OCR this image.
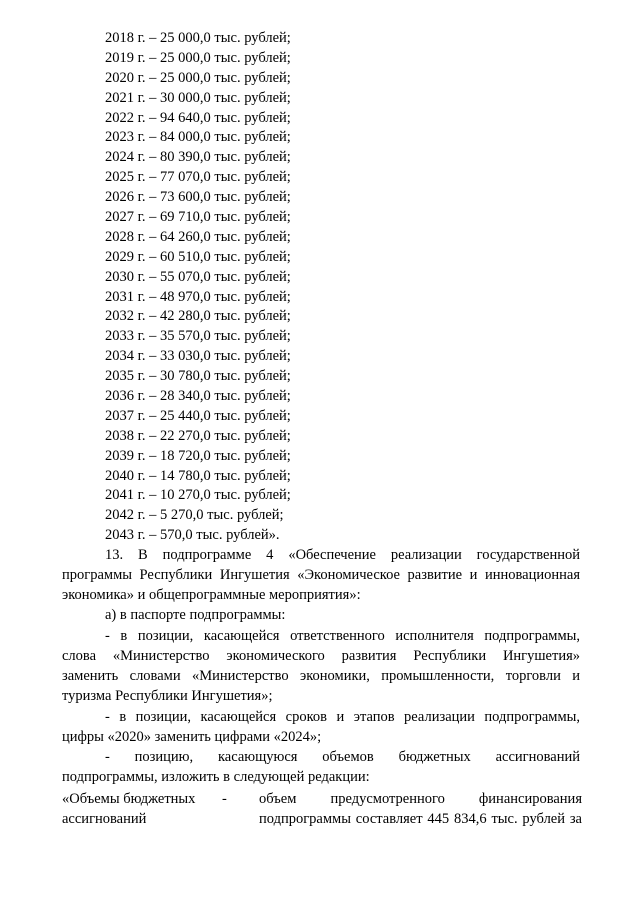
2018 г. – 25 000,0 тыс. рублей;
2019 г. – 25 000,0 тыс. рублей;
2020 г. – 25 000,0 тыс. рублей;
2021 г. – 30 000,0 тыс. рублей;
2022 г. – 94 640,0 тыс. рублей;
2023 г. – 84 000,0 тыс. рублей;
2024 г. – 80 390,0 тыс. рублей;
2025 г. – 77 070,0 тыс. рублей;
2026 г. – 73 600,0 тыс. рублей;
2027 г. – 69 710,0 тыс. рублей;
2028 г. – 64 260,0 тыс. рублей;
2029 г. – 60 510,0 тыс. рублей;
2030 г. – 55 070,0 тыс. рублей;
2031 г. – 48 970,0 тыс. рублей;
2032 г. – 42 280,0 тыс. рублей;
2033 г. – 35 570,0 тыс. рублей;
2034 г. – 33 030,0 тыс. рублей;
2035 г. – 30 780,0 тыс. рублей;
2036 г. – 28 340,0 тыс. рублей;
2037 г. – 25 440,0 тыс. рублей;
2038 г. – 22 270,0 тыс. рублей;
2039 г. – 18 720,0 тыс. рублей;
2040 г. – 14 780,0 тыс. рублей;
2041 г. – 10 270,0 тыс. рублей;
2042 г. – 5 270,0 тыс. рублей;
2043 г. – 570,0 тыс. рублей».
13. В подпрограмме 4 «Обеспечение реализации государственной
программы Республики Ингушетия «Экономическое развитие и инновационная
экономика» и общепрограммные мероприятия»:
а) в паспорте подпрограммы:
- в позиции, касающейся ответственного исполнителя подпрограммы,
слова «Министерство экономического развития Республики Ингушетия»
заменить словами «Министерство экономики, промышленности, торговли и
туризма Республики Ингушетия»;
- в позиции, касающейся сроков и этапов реализации подпрограммы,
цифры «2020» заменить цифрами «2024»;
- позицию, касающуюся объемов бюджетных ассигнований
подпрограммы, изложить в следующей редакции:
«Объемы бюджетных
ассигнований
-	объем предусмотренного финансирования
подпрограммы составляет 445 834,6 тыс. рублей за
